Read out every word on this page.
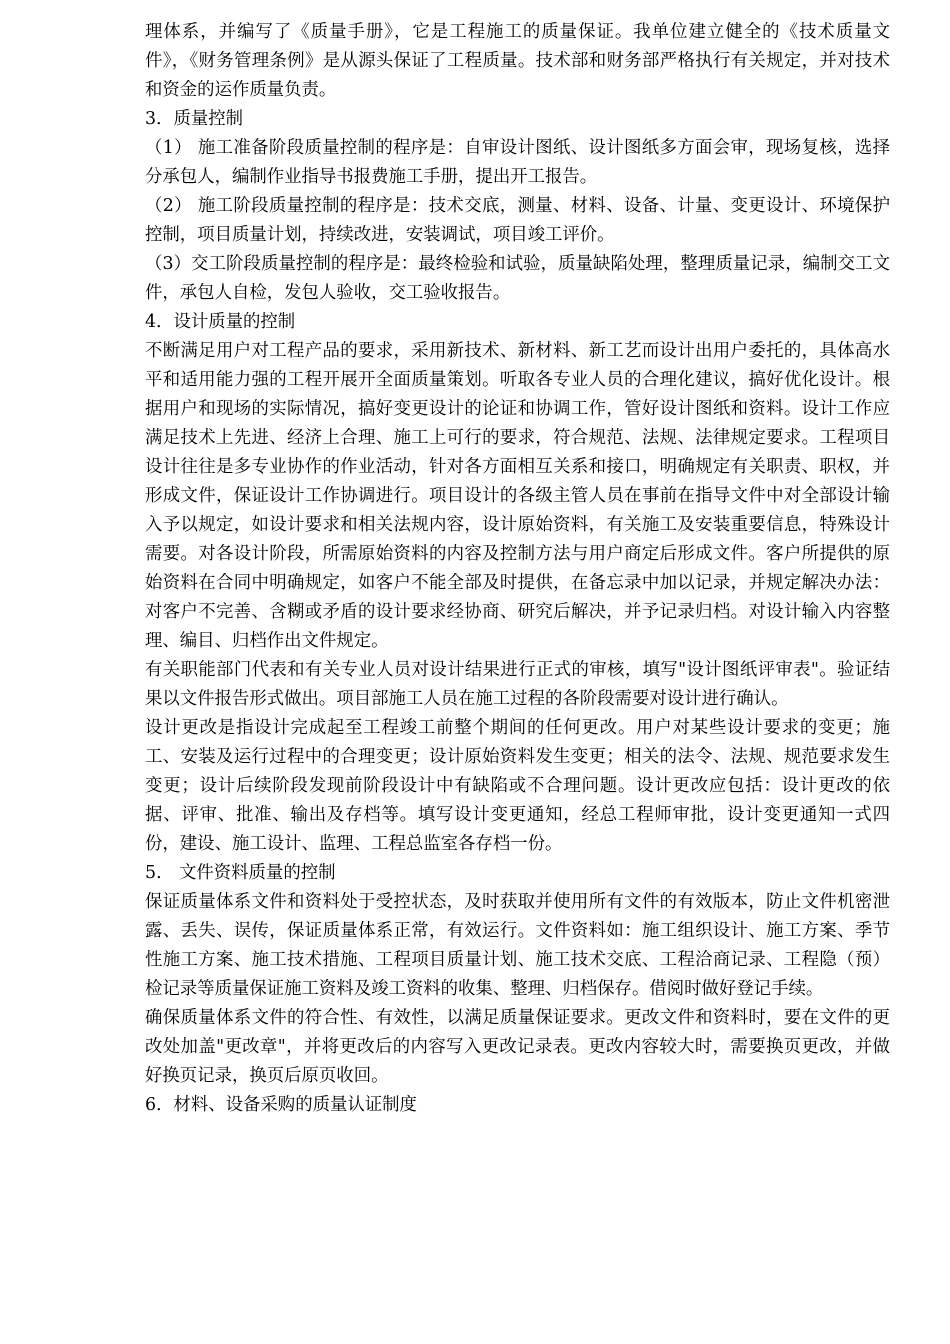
理体系，并编写了《质量手册》，它是工程施工的质量保证。我单位建立健全的《技术质量文件》，《财务管理条例》是从源头保证了工程质量。技术部和财务部严格执行有关规定，并对技术和资金的运作质量负责。

3．质量控制

（1） 施工准备阶段质量控制的程序是：自审设计图纸、设计图纸多方面会审，现场复核，选择分承包人，编制作业指导书报费施工手册，提出开工报告。

（2） 施工阶段质量控制的程序是：技术交底，测量、材料、设备、计量、变更设计、环境保护控制，项目质量计划，持续改进，安装调试，项目竣工评价。

（3）交工阶段质量控制的程序是：最终检验和试验，质量缺陷处理，整理质量记录，编制交工文件，承包人自检，发包人验收，交工验收报告。

4．设计质量的控制

不断满足用户对工程产品的要求，采用新技术、新材料、新工艺而设计出用户委托的，具体高水平和适用能力强的工程开展开全面质量策划。听取各专业人员的合理化建议，搞好优化设计。根据用户和现场的实际情况，搞好变更设计的论证和协调工作，管好设计图纸和资料。设计工作应满足技术上先进、经济上合理、施工上可行的要求，符合规范、法规、法律规定要求。工程项目设计往往是多专业协作的作业活动，针对各方面相互关系和接口，明确规定有关职责、职权，并形成文件，保证设计工作协调进行。项目设计的各级主管人员在事前在指导文件中对全部设计输入予以规定，如设计要求和相关法规内容，设计原始资料，有关施工及安装重要信息，特殊设计需要。对各设计阶段，所需原始资料的内容及控制方法与用户商定后形成文件。客户所提供的原始资料在合同中明确规定，如客户不能全部及时提供，在备忘录中加以记录，并规定解决办法：对客户不完善、含糊或矛盾的设计要求经协商、研究后解决，并予记录归档。对设计输入内容整理、编目、归档作出文件规定。

有关职能部门代表和有关专业人员对设计结果进行正式的审核，填写"设计图纸评审表"。验证结果以文件报告形式做出。项目部施工人员在施工过程的各阶段需要对设计进行确认。

设计更改是指设计完成起至工程竣工前整个期间的任何更改。用户对某些设计要求的变更；施工、安装及运行过程中的合理变更；设计原始资料发生变更；相关的法令、法规、规范要求发生变更；设计后续阶段发现前阶段设计中有缺陷或不合理问题。设计更改应包括：设计更改的依据、评审、批准、输出及存档等。填写设计变更通知，经总工程师审批，设计变更通知一式四份，建设、施工设计、监理、工程总监室各存档一份。

5.　文件资料质量的控制

保证质量体系文件和资料处于受控状态，及时获取并使用所有文件的有效版本，防止文件机密泄露、丢失、误传，保证质量体系正常，有效运行。文件资料如：施工组织设计、施工方案、季节性施工方案、施工技术措施、工程项目质量计划、施工技术交底、工程洽商记录、工程隐（预）检记录等质量保证施工资料及竣工资料的收集、整理、归档保存。借阅时做好登记手续。

确保质量体系文件的符合性、有效性，以满足质量保证要求。更改文件和资料时，要在文件的更改处加盖"更改章"，并将更改后的内容写入更改记录表。更改内容较大时，需要换页更改，并做好换页记录，换页后原页收回。

6．材料、设备采购的质量认证制度
